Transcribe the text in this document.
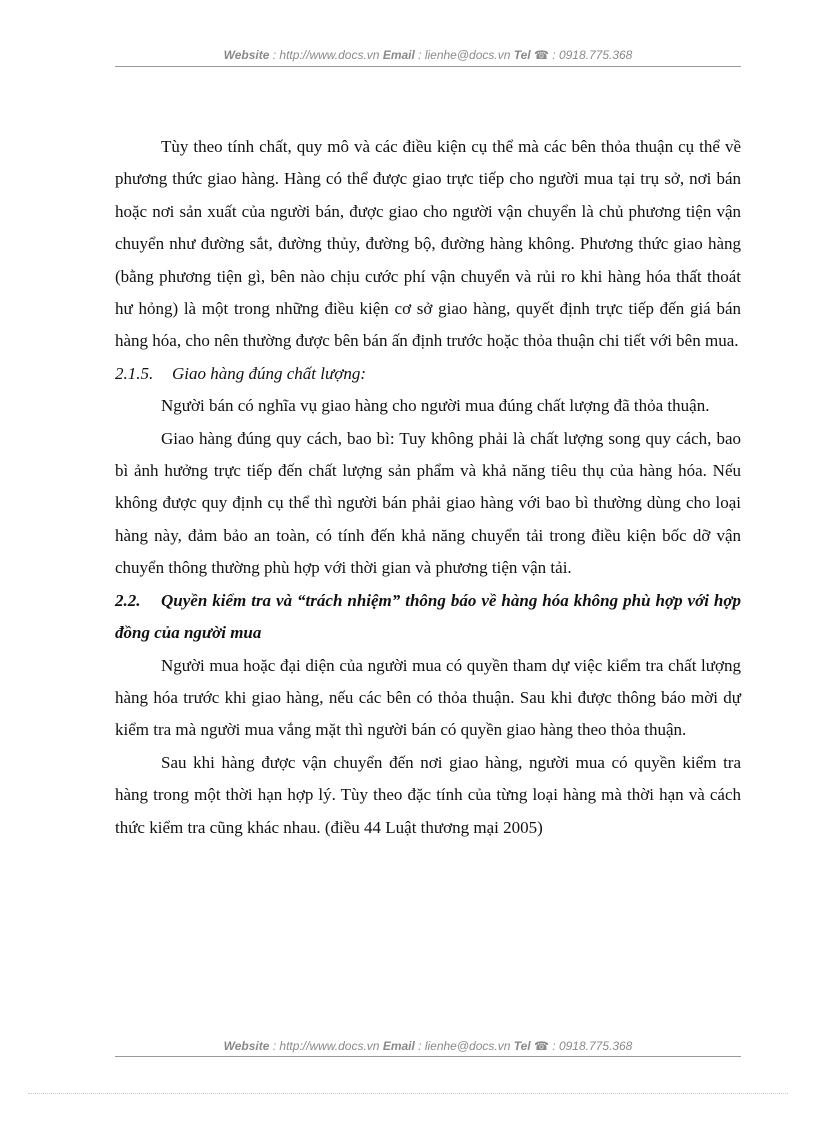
Website : http://www.docs.vn Email : lienhe@docs.vn Tel ☎ : 0918.775.368

Tùy theo tính chất, quy mô và các điều kiện cụ thể mà các bên thỏa thuận cụ thể về phương thức giao hàng. Hàng có thể được giao trực tiếp cho người mua tại trụ sở, nơi bán hoặc nơi sản xuất của người bán, được giao cho người vận chuyển là chủ phương tiện vận chuyển như đường sắt, đường thủy, đường bộ, đường hàng không. Phương thức giao hàng (bằng phương tiện gì, bên nào chịu cước phí vận chuyển và rủi ro khi hàng hóa thất thoát hư hỏng) là một trong những điều kiện cơ sở giao hàng, quyết định trực tiếp đến giá bán hàng hóa, cho nên thường được bên bán ấn định trước hoặc thỏa thuận chi tiết với bên mua.

2.1.5. Giao hàng đúng chất lượng:

Người bán có nghĩa vụ giao hàng cho người mua đúng chất lượng đã thỏa thuận.

Giao hàng đúng quy cách, bao bì: Tuy không phải là chất lượng song quy cách, bao bì ảnh hưởng trực tiếp đến chất lượng sản phẩm và khả năng tiêu thụ của hàng hóa. Nếu không được quy định cụ thể thì người bán phải giao hàng với bao bì thường dùng cho loại hàng này, đảm bảo an toàn, có tính đến khả năng chuyển tải trong điều kiện bốc dỡ vận chuyển thông thường phù hợp với thời gian và phương tiện vận tải.

2.2. Quyền kiểm tra và “trách nhiệm” thông báo về hàng hóa không phù hợp với hợp đồng của người mua

Người mua hoặc đại diện của người mua có quyền tham dự việc kiểm tra chất lượng hàng hóa trước khi giao hàng, nếu các bên có thỏa thuận. Sau khi được thông báo mời dự kiểm tra mà người mua vắng mặt thì người bán có quyền giao hàng theo thỏa thuận.

Sau khi hàng được vận chuyển đến nơi giao hàng, người mua có quyền kiểm tra hàng trong một thời hạn hợp lý. Tùy theo đặc tính của từng loại hàng mà thời hạn và cách thức kiểm tra cũng khác nhau. (điều 44 Luật thương mại 2005)

Website : http://www.docs.vn Email : lienhe@docs.vn Tel ☎ : 0918.775.368
